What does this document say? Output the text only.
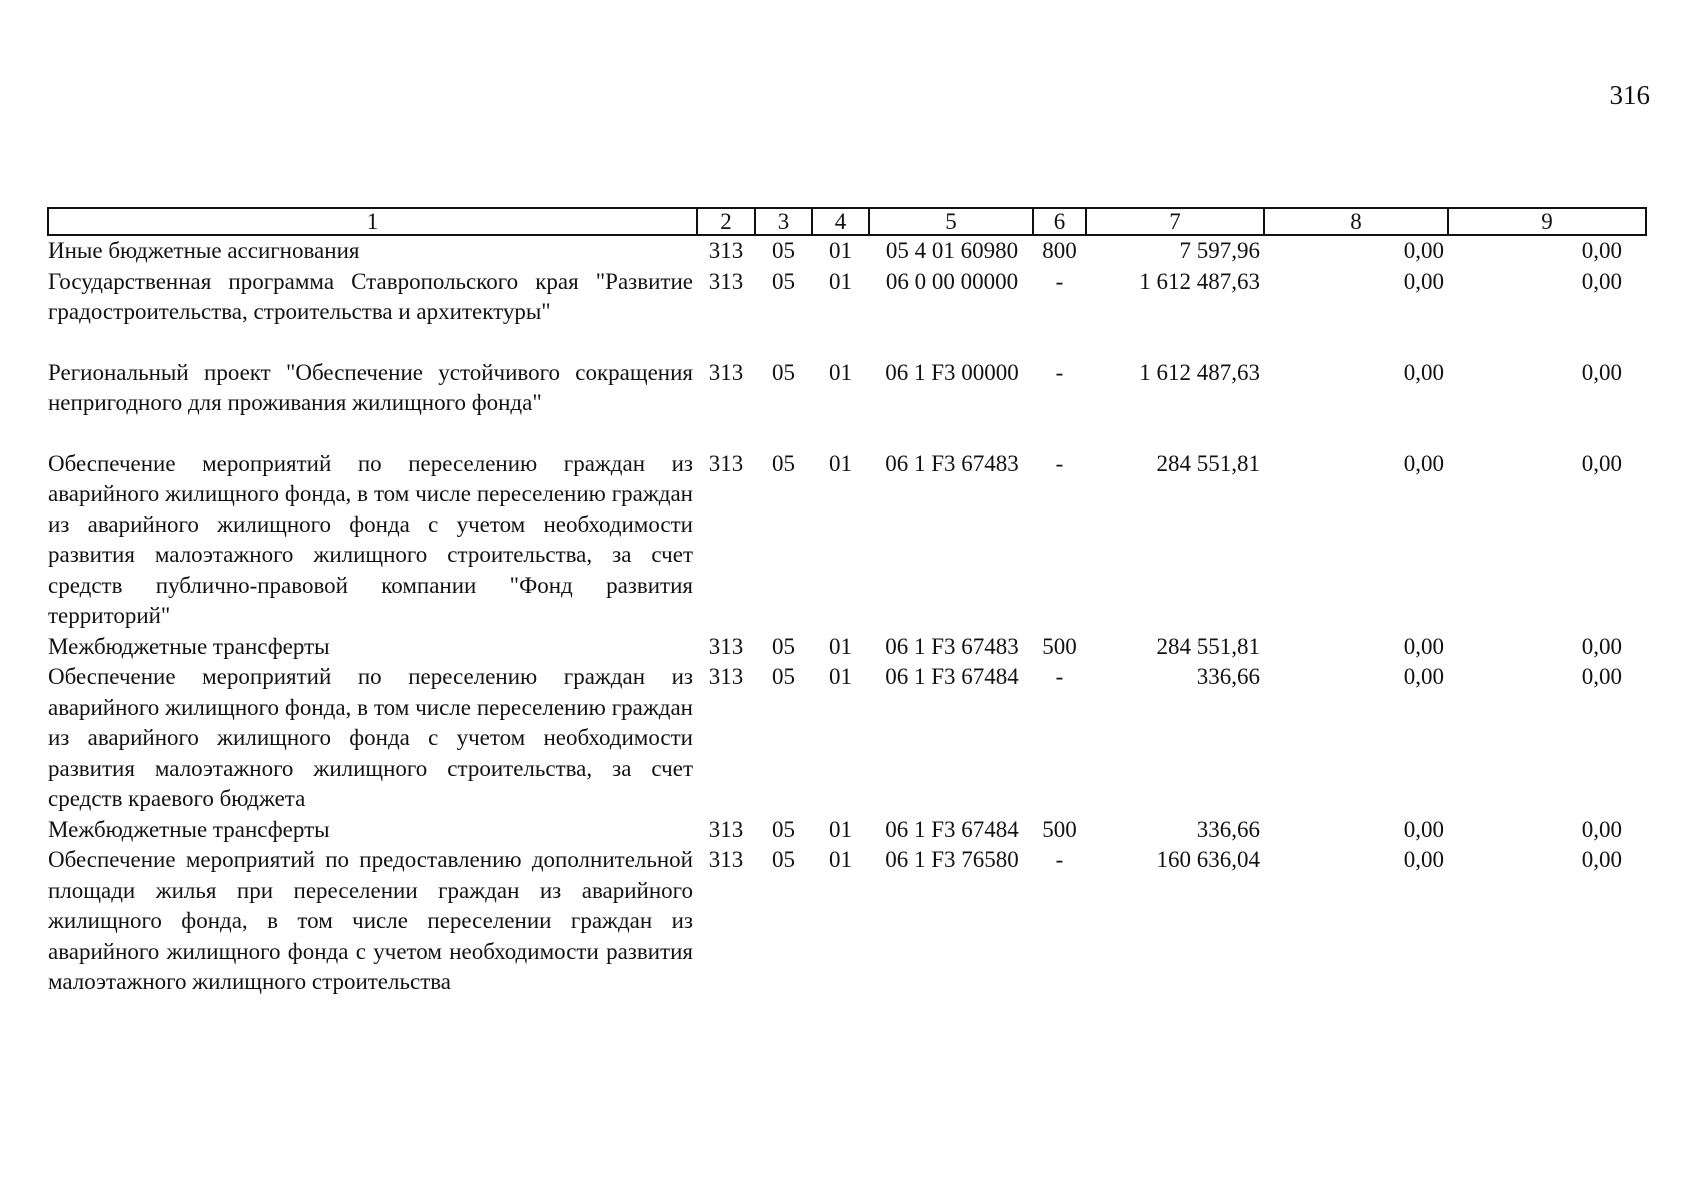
316
1	2	3	4	5	6	7	8	9
Иные бюджетные ассигнования	313	05	01	05 4 01 60980	800	7 597,96	0,00	0,00
Государственная программа Ставропольского края "Развитие градостроительства, строительства и архитектуры"	313	05	01	06 0 00 00000	-	1 612 487,63	0,00	0,00
Региональный проект "Обеспечение устойчивого сокращения непригодного для проживания жилищного фонда"	313	05	01	06 1 F3 00000	-	1 612 487,63	0,00	0,00
Обеспечение мероприятий по переселению граждан из аварийного жилищного фонда, в том числе переселению граждан из аварийного жилищного фонда с учетом необходимости развития малоэтажного жилищного строительства, за счет средств публично-правовой компании "Фонд развития территорий"	313	05	01	06 1 F3 67483	-	284 551,81	0,00	0,00
Межбюджетные трансферты	313	05	01	06 1 F3 67483	500	284 551,81	0,00	0,00
Обеспечение мероприятий по переселению граждан из аварийного жилищного фонда, в том числе переселению граждан из аварийного жилищного фонда с учетом необходимости развития малоэтажного жилищного строительства, за счет средств краевого бюджета	313	05	01	06 1 F3 67484	-	336,66	0,00	0,00
Межбюджетные трансферты	313	05	01	06 1 F3 67484	500	336,66	0,00	0,00
Обеспечение мероприятий по предоставлению дополнительной площади жилья при переселении граждан из аварийного жилищного фонда, в том числе переселении граждан из аварийного жилищного фонда с учетом необходимости развития малоэтажного жилищного строительства	313	05	01	06 1 F3 76580	-	160 636,04	0,00	0,00
